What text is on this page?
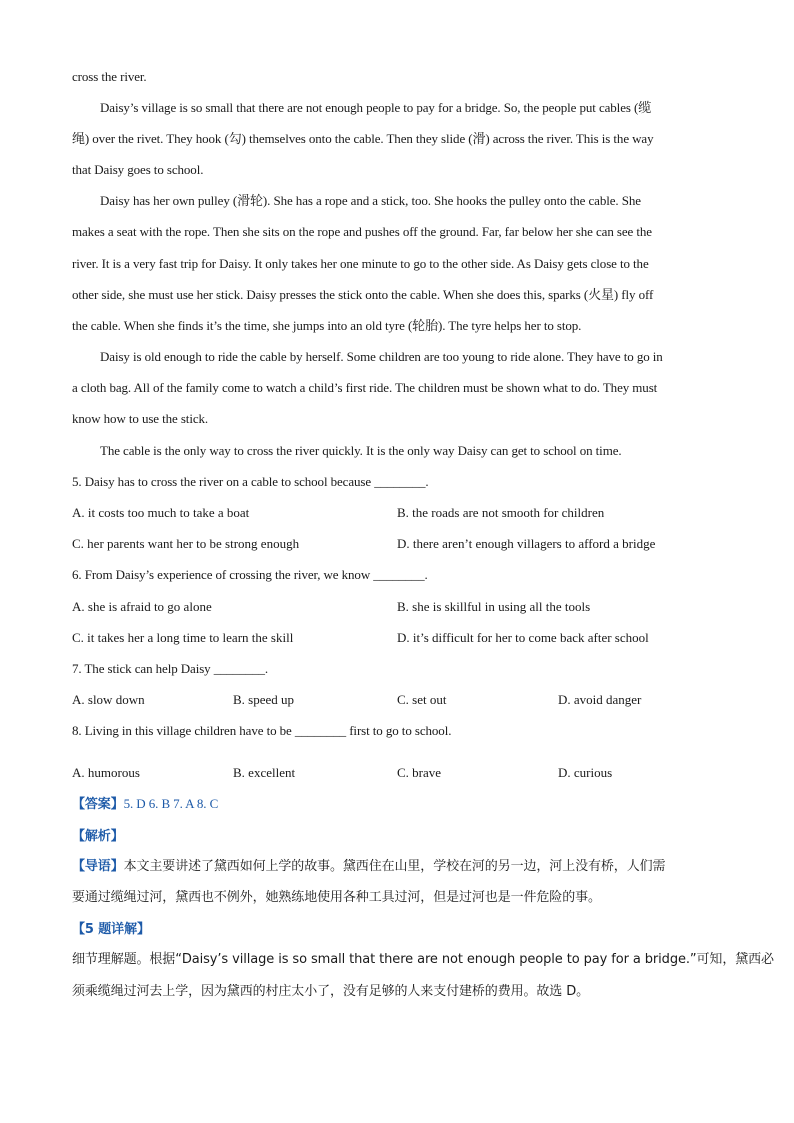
cross the river.
Daisy’s village is so small that there are not enough people to pay for a bridge. So, the people put cables (缆
绳) over the rivet. They hook (勾) themselves onto the cable. Then they slide (滑) across the river. This is the way
that Daisy goes to school.
Daisy has her own pulley (滑轮). She has a rope and a stick, too. She hooks the pulley onto the cable. She
makes a seat with the rope. Then she sits on the rope and pushes off the ground. Far, far below her she can see the
river. It is a very fast trip for Daisy. It only takes her one minute to go to the other side. As Daisy gets close to the
other side, she must use her stick. Daisy presses the stick onto the cable. When she does this, sparks (火星) fly off
the cable. When she finds it’s the time, she jumps into an old tyre (轮胎). The tyre helps her to stop.
Daisy is old enough to ride the cable by herself. Some children are too young to ride alone. They have to go in
a cloth bag. All of the family come to watch a child’s first ride. The children must be shown what to do. They must
know how to use the stick.
The cable is the only way to cross the river quickly. It is the only way Daisy can get to school on time.
5. Daisy has to cross the river on a cable to school because ________.
A. it costs too much to take a boat	B. the roads are not smooth for children
C. her parents want her to be strong enough	D. there aren’t enough villagers to afford a bridge
6. From Daisy’s experience of crossing the river, we know ________.
A. she is afraid to go alone	B. she is skillful in using all the tools
C. it takes her a long time to learn the skill	D. it’s difficult for her to come back after school
7. The stick can help Daisy ________.
A. slow down	B. speed up	C. set out	D. avoid danger
8. Living in this village children have to be ________ first to go to school.
A. humorous	B. excellent	C. brave	D. curious
【答案】5. D 6. B 7. A 8. C
【解析】
【导语】本文主要讲述了黛西如何上学的故事。黛西住在山里，学校在河的另一边，河上没有桥，人们需
要通过缆绳过河，黛西也不例外，她熟练地使用各种工具过河，但是过河也是一件危险的事。
【5 题详解】
细节理解题。根据“Daisy’s village is so small that there are not enough people to pay for a bridge.”可知，黛西必
须乘缆绳过河去上学，因为黛西的村庄太小了，没有足够的人来支付建桥的费用。故选 D。
